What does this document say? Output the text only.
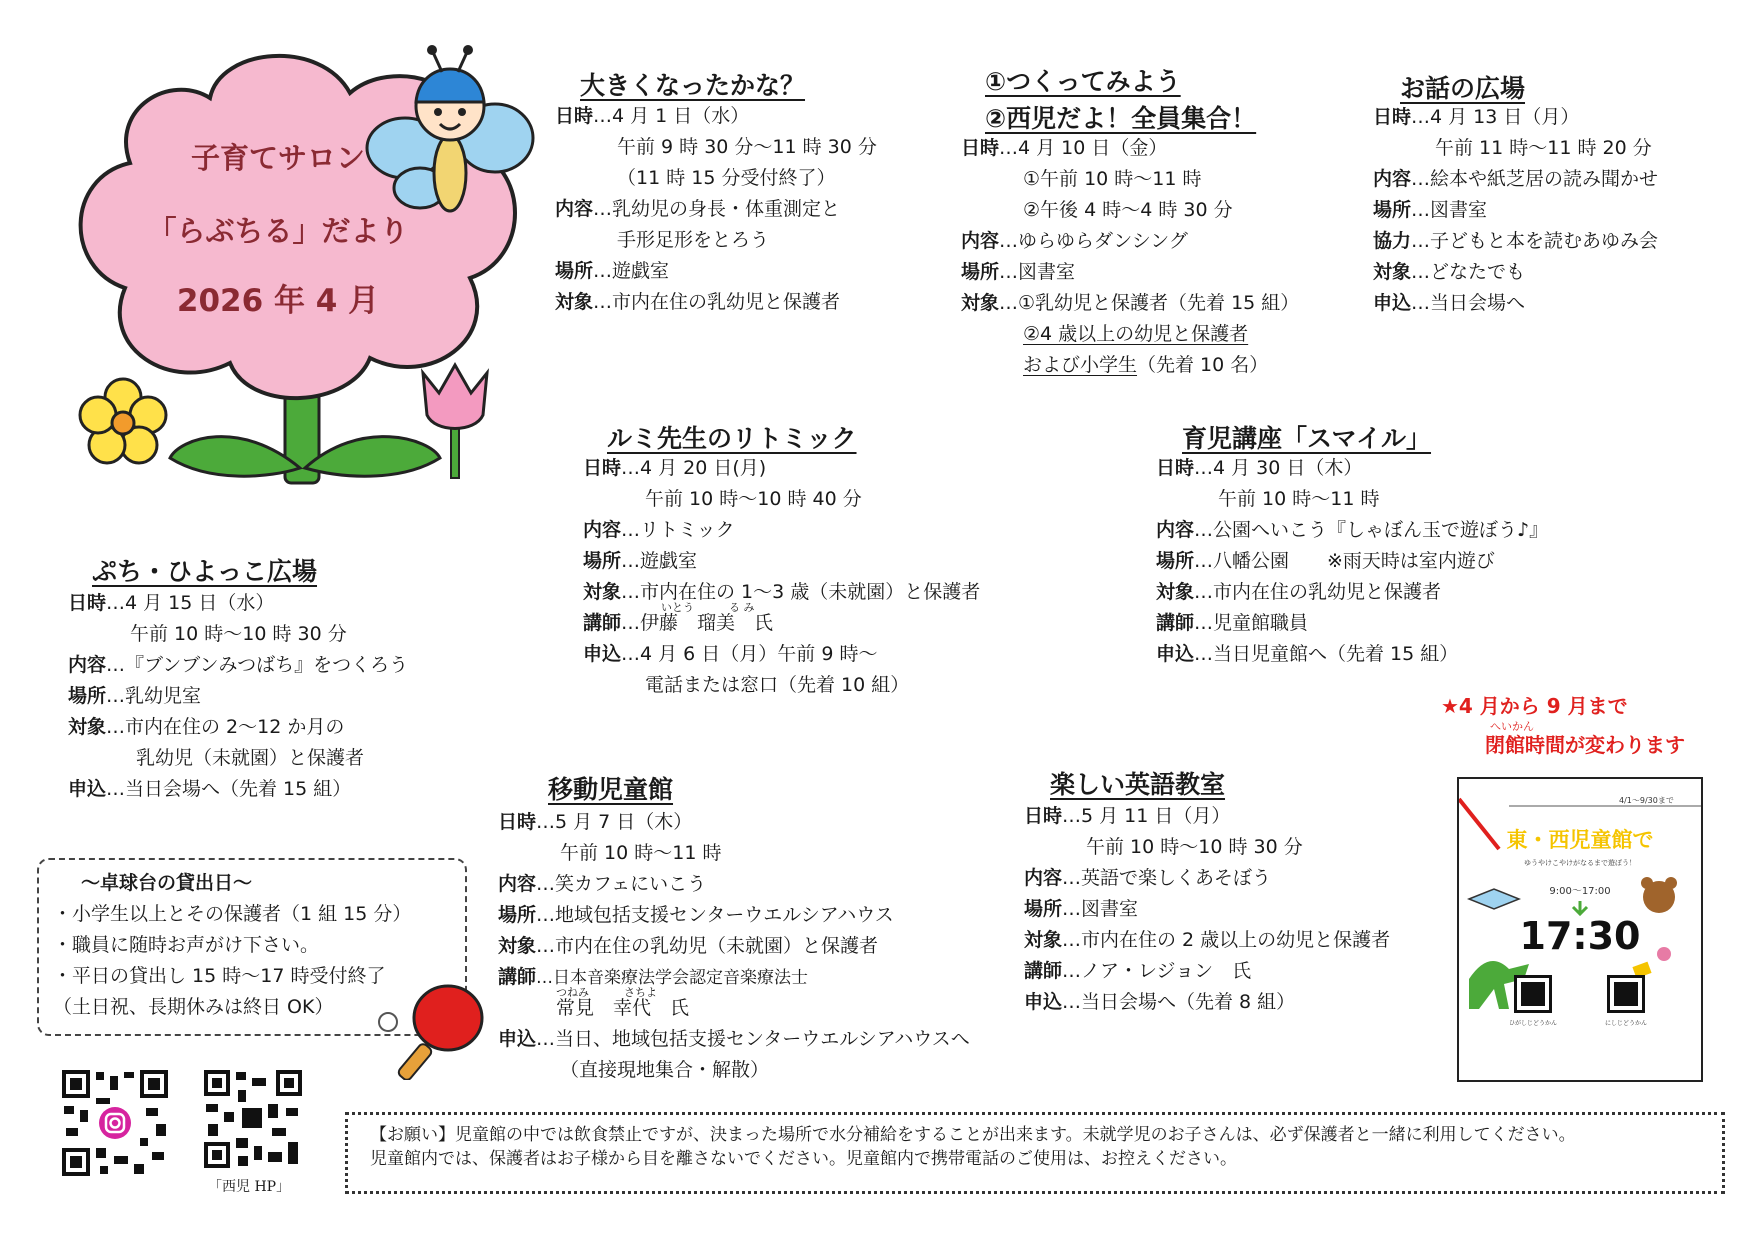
子育てサロン
「らぶちる」だより
2026 年 4 月
大きくなったかな？
日時…4 月 1 日（水）
午前 9 時 30 分～11 時 30 分
（11 時 15 分受付終了）
内容…乳幼児の身長・体重測定と
手形足形をとろう
場所…遊戯室
対象…市内在住の乳幼児と保護者
①つくってみよう
②西児だよ！全員集合！
日時…4 月 10 日（金）
①午前 10 時～11 時
②午後 4 時～4 時 30 分
内容…ゆらゆらダンシング
場所…図書室
対象…①乳幼児と保護者（先着 15 組）
②4 歳以上の幼児と保護者
および小学生（先着 10 名）
お話の広場
日時…4 月 13 日（月）
午前 11 時～11 時 20 分
内容…絵本や紙芝居の読み聞かせ
場所…図書室
協力…子どもと本を読むあゆみ会
対象…どなたでも
申込…当日会場へ
ルミ先生のリトミック
日時…4 月 20 日(月)
午前 10 時～10 時 40 分
内容…リトミック
場所…遊戯室
対象…市内在住の 1～3 歳（未就園）と保護者
いとう	る み
講師…伊藤　瑠美　氏
申込…4 月 6 日（月）午前 9 時～
電話または窓口（先着 10 組）
育児講座「スマイル」
日時…4 月 30 日（木）
午前 10 時～11 時
内容…公園へいこう『しゃぼん玉で遊ぼう♪』
場所…八幡公園　　※雨天時は室内遊び
対象…市内在住の乳幼児と保護者
講師…児童館職員
申込…当日児童館へ（先着 15 組）
ぷち・ひよっこ広場
日時…4 月 15 日（水）
午前 10 時～10 時 30 分
内容…『ブンブンみつばち』をつくろう
場所…乳幼児室
対象…市内在住の 2～12 か月の
乳幼児（未就園）と保護者
申込…当日会場へ（先着 15 組）	移動児童館
日時…5 月 7 日（木）
午前 10 時～11 時
内容…笑カフェにいこう
場所…地域包括支援センターウエルシアハウス
対象…市内在住の乳幼児（未就園）と保護者
講師…日本音楽療法学会認定音楽療法士
つねみ	さちよ
常見　幸代　氏
申込…当日、地域包括支援センターウエルシアハウスへ
（直接現地集合・解散）
楽しい英語教室
日時…5 月 11 日（月）
午前 10 時～10 時 30 分
内容…英語で楽しくあそぼう
場所…図書室
対象…市内在住の 2 歳以上の幼児と保護者
講師…ノア・レジョン　氏
申込…当日会場へ（先着 8 組）
～卓球台の貸出日～
・小学生以上とその保護者（1 組 15 分）
・職員に随時お声がけ下さい。
・平日の貸出し 15 時～17 時受付終了
（土日祝、長期休みは終日 OK）
★4 月から 9 月まで
へいかん
閉館時間が変わります
4/1～9/30まで
東・西児童館で
ゆうやけこやけがなるまで遊ぼう！
9:00～17:00
17:30
ひがしじどうかん	にしじどうかん
「西児 HP」
【お願い】児童館の中では飲食禁止ですが、決まった場所で水分補給をすることが出来ます。未就学児のお子さんは、必ず保護者と一緒に利用してください。
児童館内では、保護者はお子様から目を離さないでください。児童館内で携帯電話のご使用は、お控えください。
